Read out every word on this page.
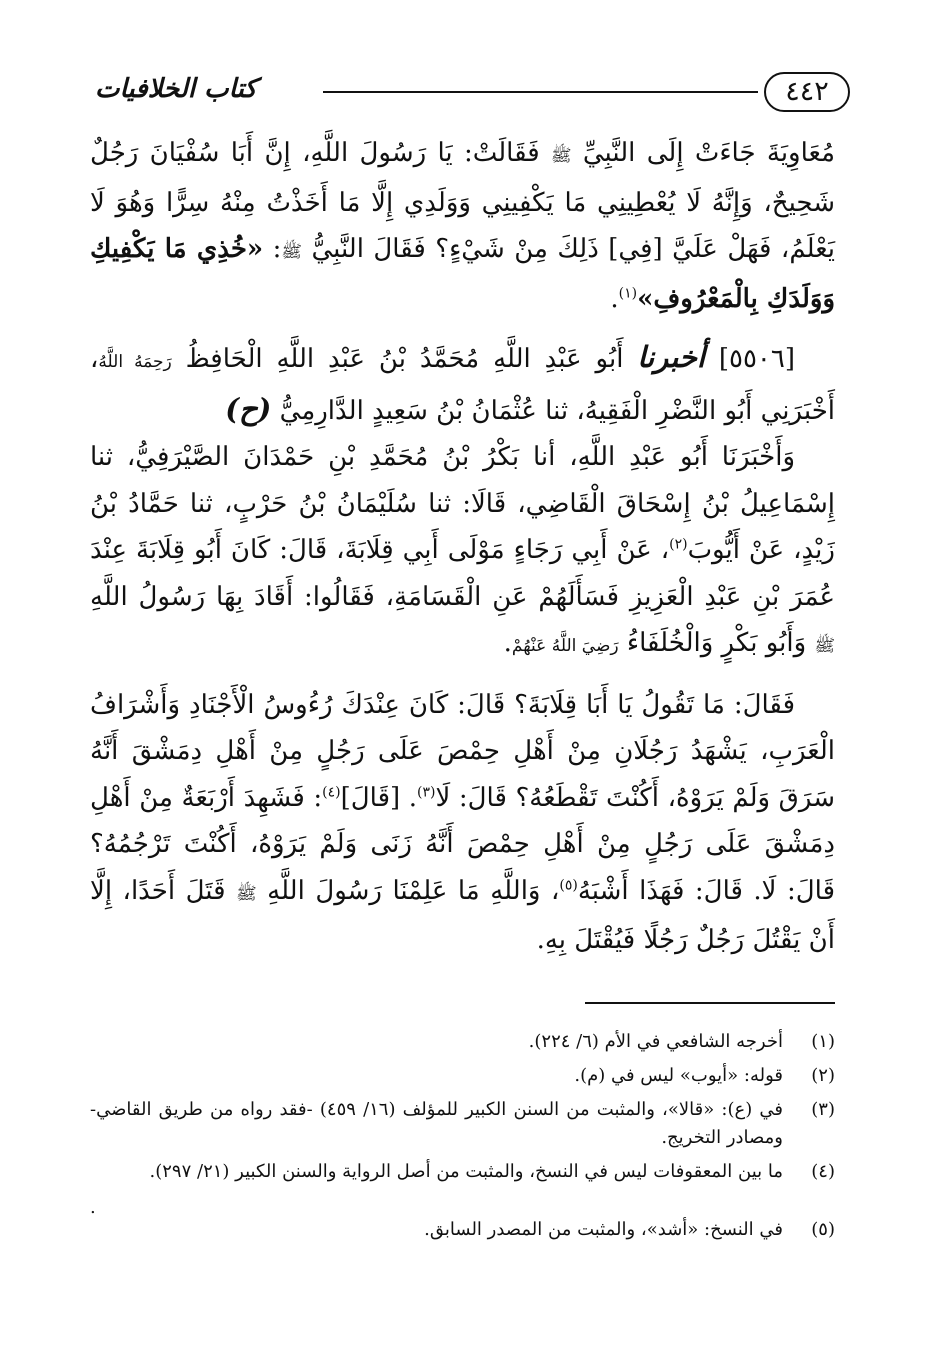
٤٤٢
كتاب الخلافيات

مُعَاوِيَةَ جَاءَتْ إِلَى النَّبِيِّ ﷺ فَقَالَتْ: يَا رَسُولَ اللَّهِ، إِنَّ أَبَا سُفْيَانَ رَجُلٌ شَحِيحٌ، وَإِنَّهُ لَا يُعْطِينِي مَا يَكْفِينِي وَوَلَدِي إِلَّا مَا أَخَذْتُ مِنْهُ سِرًّا وَهُوَ لَا يَعْلَمُ، فَهَلْ عَلَيَّ [فِي] ذَلِكَ مِنْ شَيْءٍ؟ فَقَالَ النَّبِيُّ ﷺ: «خُذِي مَا يَكْفِيكِ وَوَلَدَكِ بِالْمَعْرُوفِ»$^{(١)}$.

[٥٥٠٦] أخبرنا أَبُو عَبْدِ اللَّهِ مُحَمَّدُ بْنُ عَبْدِ اللَّهِ الْحَافِظُ رَحِمَهُ اللَّهُ، أَخْبَرَنِي أَبُو النَّضْرِ الْفَقِيهُ، ثنا عُثْمَانُ بْنُ سَعِيدٍ الدَّارِمِيُّ (ح)

وَأَخْبَرَنَا أَبُو عَبْدِ اللَّهِ، أنا بَكْرُ بْنُ مُحَمَّدِ بْنِ حَمْدَانَ الصَّيْرَفِيُّ، ثنا إِسْمَاعِيلُ بْنُ إِسْحَاقَ الْقَاضِي، قَالَا: ثنا سُلَيْمَانُ بْنُ حَرْبٍ، ثنا حَمَّادُ بْنُ زَيْدٍ، عَنْ أَيُّوبَ$^{(٢)}$، عَنْ أَبِي رَجَاءٍ مَوْلَى أَبِي قِلَابَةَ، قَالَ: كَانَ أَبُو قِلَابَةَ عِنْدَ عُمَرَ بْنِ عَبْدِ الْعَزِيزِ فَسَأَلَهُمْ عَنِ الْقَسَامَةِ، فَقَالُوا: أَقَادَ بِهَا رَسُولُ اللَّهِ ﷺ وَأَبُو بَكْرٍ وَالْخُلَفَاءُ رَضِيَ اللَّهُ عَنْهُمْ.

فَقَالَ: مَا تَقُولُ يَا أَبَا قِلَابَةَ؟ قَالَ: كَانَ عِنْدَكَ رُءُوسُ الْأَجْنَادِ وَأَشْرَافُ الْعَرَبِ، يَشْهَدُ رَجُلَانِ مِنْ أَهْلِ حِمْصَ عَلَى رَجُلٍ مِنْ أَهْلِ دِمَشْقَ أَنَّهُ سَرَقَ وَلَمْ يَرَوْهُ، أَكُنْتَ تَقْطَعُهُ؟ قَالَ: لَا$^{(٣)}$. [قَالَ]$^{(٤)}$: فَشَهِدَ أَرْبَعَةٌ مِنْ أَهْلِ دِمَشْقَ عَلَى رَجُلٍ مِنْ أَهْلِ حِمْصَ أَنَّهُ زَنَى وَلَمْ يَرَوْهُ، أَكُنْتَ تَرْجُمُهُ؟ قَالَ: لَا. قَالَ: فَهَذَا أَشْبَهُ$^{(٥)}$، وَاللَّهِ مَا عَلِمْنَا رَسُولَ اللَّهِ ﷺ قَتَلَ أَحَدًا، إِلَّا أَنْ يَقْتُلَ رَجُلٌ رَجُلًا فَيُقْتَلَ بِهِ.

(١)
أخرجه الشافعي في الأم (٦/ ٢٢٤).
(٢)
قوله: «أيوب» ليس في (م).
(٣)
في (ع): «قالا»، والمثبت من السنن الكبير للمؤلف (١٦/ ٤٥٩) -فقد رواه من طريق القاضي- ومصادر التخريج.
(٤)
ما بين المعقوفات ليس في النسخ، والمثبت من أصل الرواية والسنن الكبير (٢١/ ٢٩٧).
.
(٥)
في النسخ: «أشد»، والمثبت من المصدر السابق.
